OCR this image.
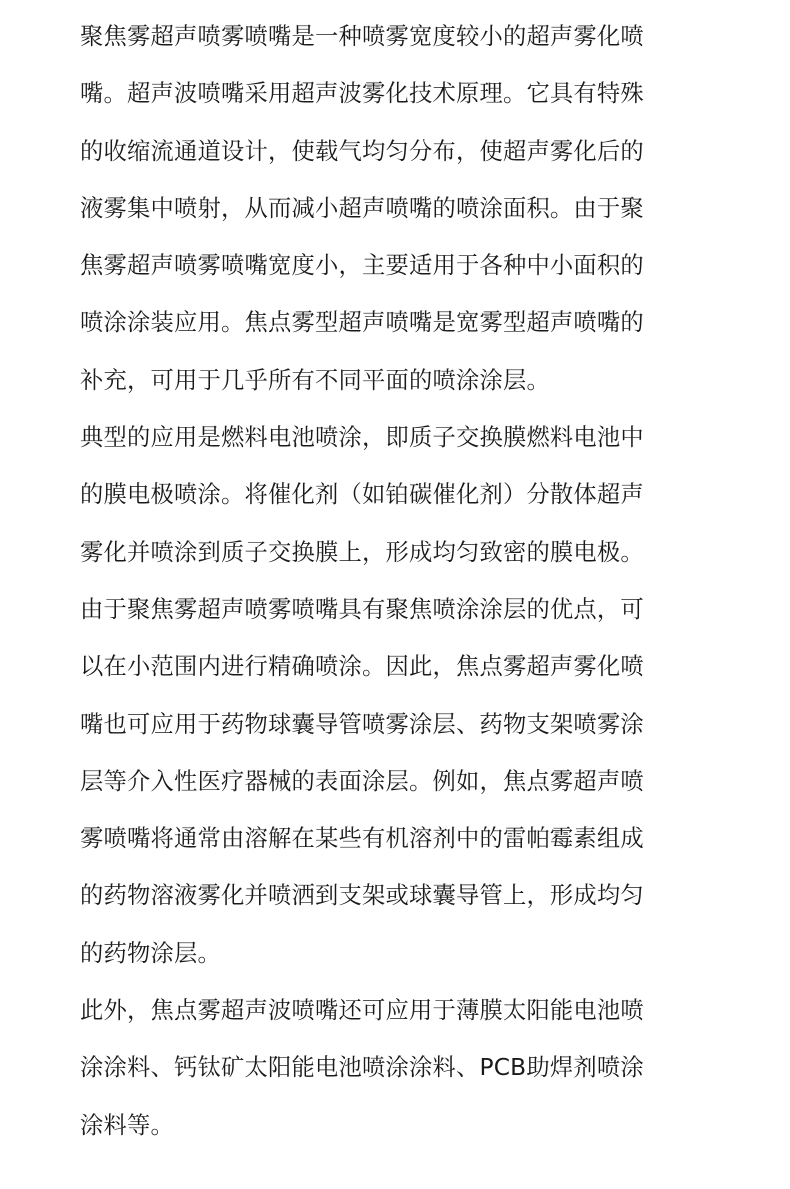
聚焦雾超声喷雾喷嘴是一种喷雾宽度较小的超声雾化喷
嘴。超声波喷嘴采用超声波雾化技术原理。它具有特殊
的收缩流通道设计，使载气均匀分布，使超声雾化后的
液雾集中喷射，从而减小超声喷嘴的喷涂面积。由于聚
焦雾超声喷雾喷嘴宽度小，主要适用于各种中小面积的
喷涂涂装应用。焦点雾型超声喷嘴是宽雾型超声喷嘴的
补充，可用于几乎所有不同平面的喷涂涂层。

典型的应用是燃料电池喷涂，即质子交换膜燃料电池中
的膜电极喷涂。将催化剂（如铂碳催化剂）分散体超声
雾化并喷涂到质子交换膜上，形成均匀致密的膜电极。

由于聚焦雾超声喷雾喷嘴具有聚焦喷涂涂层的优点，可
以在小范围内进行精确喷涂。因此，焦点雾超声雾化喷
嘴也可应用于药物球囊导管喷雾涂层、药物支架喷雾涂
层等介入性医疗器械的表面涂层。例如，焦点雾超声喷
雾喷嘴将通常由溶解在某些有机溶剂中的雷帕霉素组成
的药物溶液雾化并喷洒到支架或球囊导管上，形成均匀
的药物涂层。

此外，焦点雾超声波喷嘴还可应用于薄膜太阳能电池喷
涂涂料、钙钛矿太阳能电池喷涂涂料、PCB助焊剂喷涂
涂料等。
